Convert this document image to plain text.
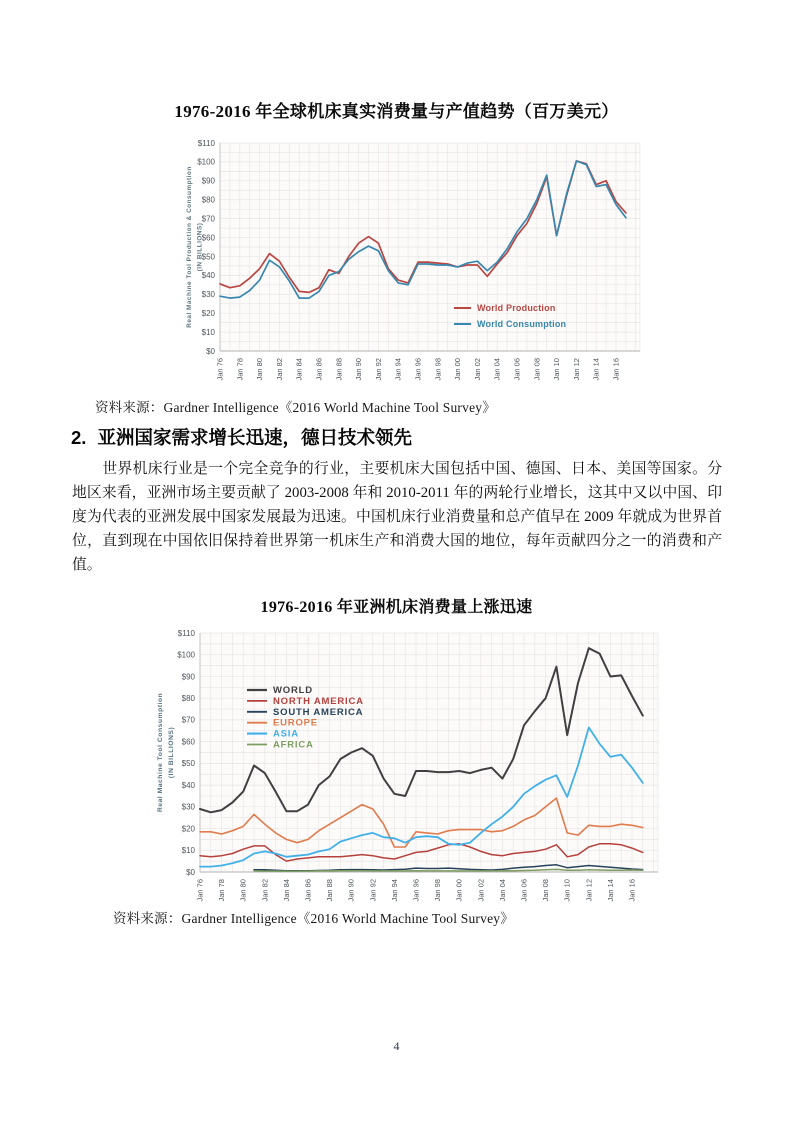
1976-2016 年全球机床真实消费量与产值趋势（百万美元）
$0
$10
$20
$30
$40
$50
$60
$70
$80
$90
$100
$110
Jan 76 Jan 78 Jan 80 Jan 82 Jan 84 Jan 86 Jan 88 Jan 90 Jan 92 Jan 94 Jan 96 Jan 98 Jan 00 Jan 02 Jan 04 Jan 06 Jan 08 Jan 10 Jan 12 Jan 14 Jan 16
Real Machine Tool Production & Consumption (IN BILLIONS)
World Production
World Consumption
资料来源：Gardner Intelligence《2016 World Machine Tool Survey》
2. 亚洲国家需求增长迅速，德日技术领先
世界机床行业是一个完全竞争的行业，主要机床大国包括中国、德国、日本、美国等国家。分地区来看，亚洲市场主要贡献了 2003-2008 年和 2010-2011 年的两轮行业增长，这其中又以中国、印度为代表的亚洲发展中国家发展最为迅速。中国机床行业消费量和总产值早在 2009 年就成为世界首位，直到现在中国依旧保持着世界第一机床生产和消费大国的地位，每年贡献四分之一的消费和产值。
1976-2016 年亚洲机床消费量上涨迅速
$0
$10
$20
$30
$40
$50
$60
$70
$80
$90
$100
$110
Jan 76 Jan 78 Jan 80 Jan 82 Jan 84 Jan 86 Jan 88 Jan 90 Jan 92 Jan 94 Jan 96 Jan 98 Jan 00 Jan 02 Jan 04 Jan 06 Jan 08 Jan 10 Jan 12 Jan 14 Jan 16
Real Machine Tool Consumption (IN BILLIONS)
WORLD
NORTH AMERICA
SOUTH AMERICA
EUROPE
ASIA
AFRICA
资料来源：Gardner Intelligence《2016 World Machine Tool Survey》
4
